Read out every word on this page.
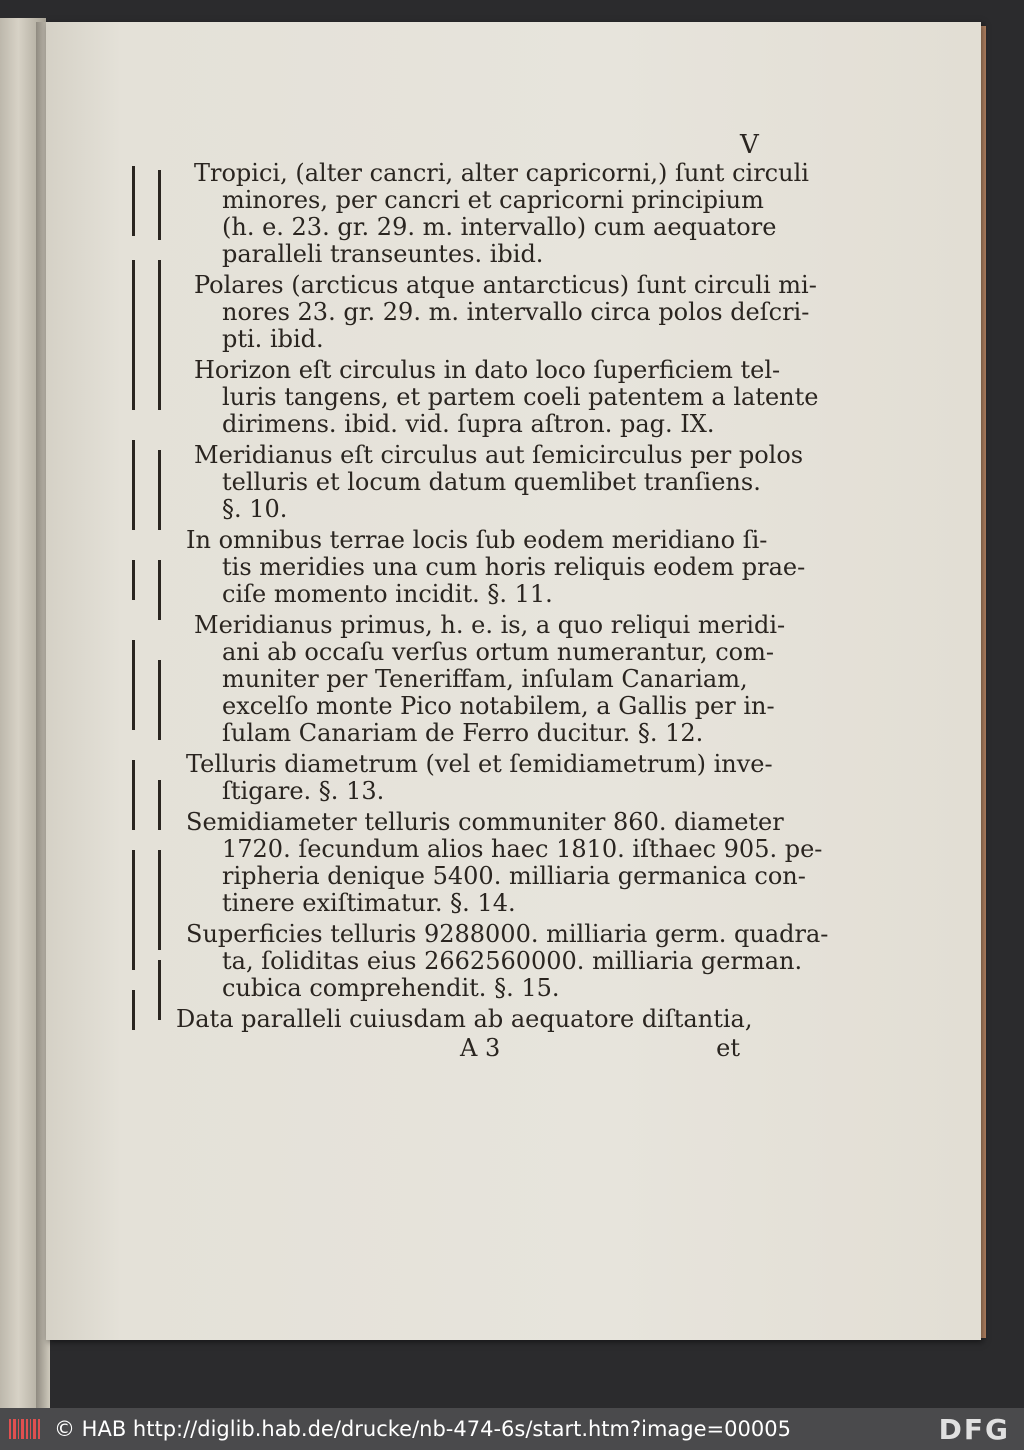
V
Tropici, (alter cancri, alter capricorni,) ſunt circuli
minores, per cancri et capricorni principium
(h. e. 23. gr. 29. m. intervallo) cum aequatore
paralleli transeuntes. ibid.
Polares (arcticus atque antarcticus) ſunt circuli mi-
nores 23. gr. 29. m. intervallo circa polos deſcri-
pti. ibid.
Horizon eſt circulus in dato loco ſuperficiem tel-
luris tangens, et partem coeli patentem a latente
dirimens. ibid. vid. ſupra aſtron. pag. IX.
Meridianus eſt circulus aut ſemicirculus per polos
telluris et locum datum quemlibet tranſiens.
§. 10.
In omnibus terrae locis ſub eodem meridiano ſi-
tis meridies una cum horis reliquis eodem prae-
ciſe momento incidit. §. 11.
Meridianus primus, h. e. is, a quo reliqui meridi-
ani ab occaſu verſus ortum numerantur, com-
muniter per Teneriffam, inſulam Canariam,
excelſo monte Pico notabilem, a Gallis per in-
ſulam Canariam de Ferro ducitur. §. 12.
Telluris diametrum (vel et ſemidiametrum) inve-
ſtigare. §. 13.
Semidiameter telluris communiter 860. diameter
1720. ſecundum alios haec 1810. iſthaec 905. pe-
ripheria denique 5400. milliaria germanica con-
tinere exiſtimatur. §. 14.
Superficies telluris 9288000. milliaria germ. quadra-
ta, ſoliditas eius 2662560000. milliaria german.
cubica comprehendit. §. 15.
Data paralleli cuiusdam ab aequatore diſtantia,
A 3	et
© HAB http://diglib.hab.de/drucke/nb-474-6s/start.htm?image=00005	DFG
